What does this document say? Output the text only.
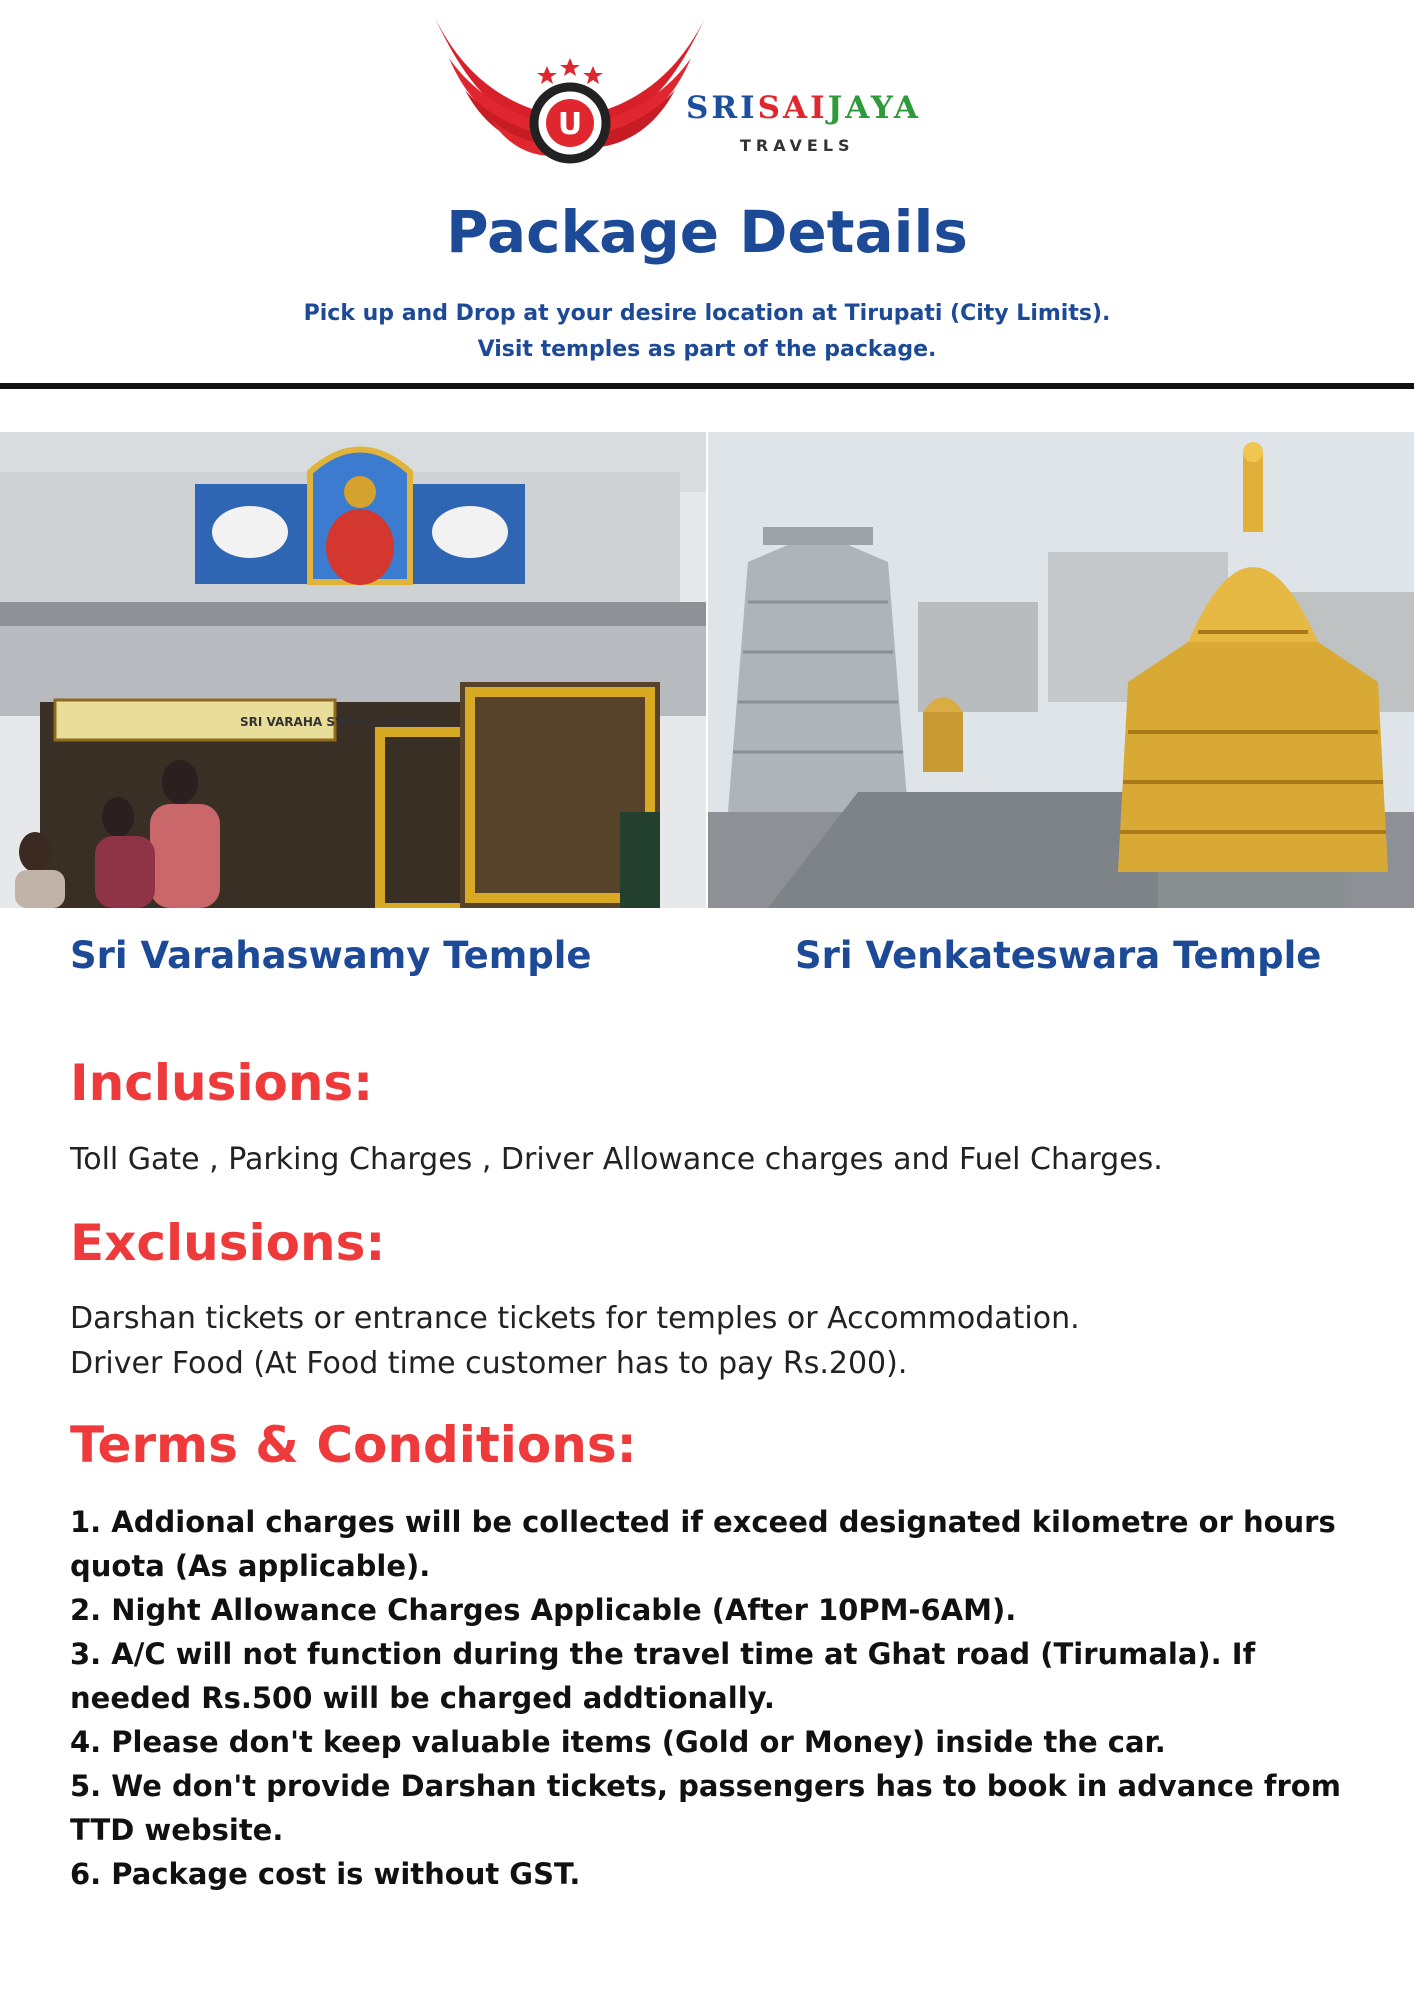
U	SRISAIJAYA
TRAVELS
Package Details
Pick up and Drop at your desire location at Tirupati (City Limits).
Visit temples as part of the package.
SRI VARAHA SWAMY TEMPLE
Sri Varahaswamy Temple	Sri Venkateswara Temple
Inclusions:
Toll Gate , Parking Charges , Driver Allowance charges and Fuel Charges.
Exclusions:
Darshan tickets or entrance tickets for temples or Accommodation.
Driver Food (At Food time customer has to pay Rs.200).
Terms & Conditions:
1. Addional charges will be collected if exceed designated kilometre or hours
quota (As applicable).
2. Night Allowance Charges Applicable (After 10PM-6AM).
3. A/C will not function during the travel time at Ghat road (Tirumala). If
needed Rs.500 will be charged addtionally.
4. Please don't keep valuable items (Gold or Money) inside the car.
5. We don't provide Darshan tickets, passengers has to book in advance from
TTD website.
6. Package cost is without GST.
